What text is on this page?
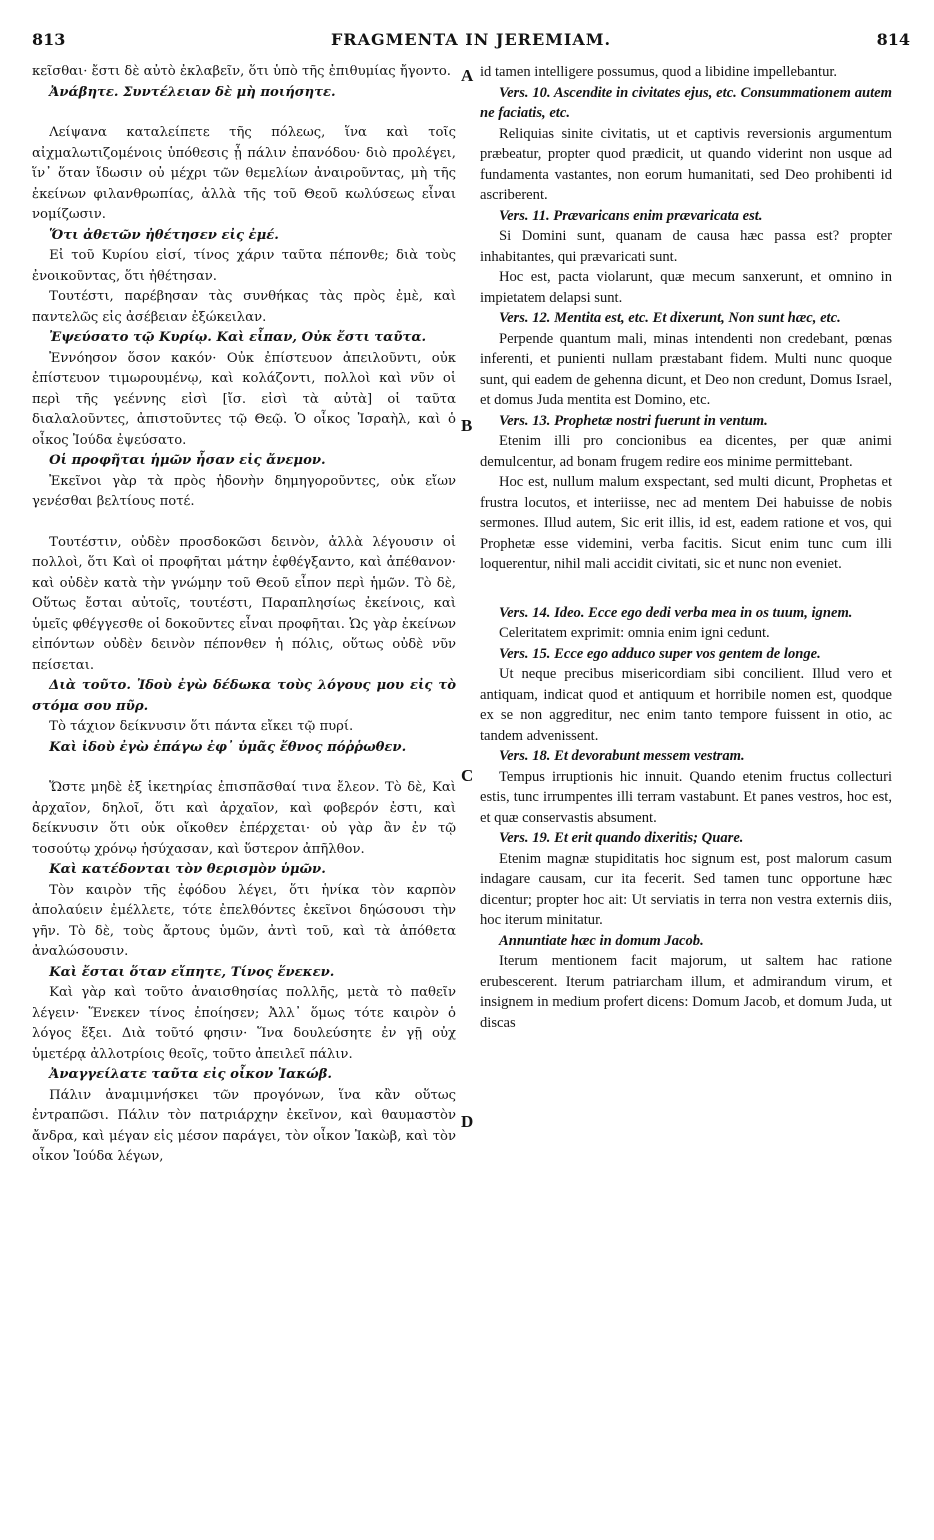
813	FRAGMENTA IN JEREMIAM.	814

κεῖσθαι· ἔστι δὲ αὐτὸ ἐκλαβεῖν, ὅτι ὑπὸ τῆς ἐπιθυμίας ἤγοντο.

Ἀνάβητε. Συντέλειαν δὲ μὴ ποιήσητε.

Λείψανα καταλείπετε τῆς πόλεως, ἵνα καὶ τοῖς αἰχμαλωτιζομένοις ὑπόθεσις ᾖ πάλιν ἐπανόδου· διὸ προλέγει, ἵν᾽ ὅταν ἴδωσιν οὐ μέχρι τῶν θεμελίων ἀναιροῦντας, μὴ τῆς ἐκείνων φιλανθρωπίας, ἀλλὰ τῆς τοῦ Θεοῦ κωλύσεως εἶναι νομίζωσιν.

Ὅτι ἀθετῶν ἠθέτησεν εἰς ἐμέ.

Εἰ τοῦ Κυρίου εἰσί, τίνος χάριν ταῦτα πέπονθε; διὰ τοὺς ἐνοικοῦντας, ὅτι ἠθέτησαν.

Τουτέστι, παρέβησαν τὰς συνθήκας τὰς πρὸς ἐμὲ, καὶ παντελῶς εἰς ἀσέβειαν ἐξώκειλαν.

Ἐψεύσατο τῷ Κυρίῳ. Καὶ εἶπαν, Οὐκ ἔστι ταῦτα.

Ἐννόησον ὅσον κακόν· Οὐκ ἐπίστευον ἀπειλοῦντι, οὐκ ἐπίστευον τιμωρουμένῳ, καὶ κολάζοντι, πολλοὶ καὶ νῦν οἱ περὶ τῆς γεέννης εἰσὶ [ἴσ. εἰσὶ τὰ αὐτὰ] οἱ ταῦτα διαλαλοῦντες, ἀπιστοῦντες τῷ Θεῷ. Ὁ οἶκος Ἰσραὴλ, καὶ ὁ οἶκος Ἰούδα ἐψεύσατο.

Οἱ προφῆται ἡμῶν ἦσαν εἰς ἄνεμον.

Ἐκεῖνοι γὰρ τὰ πρὸς ἡδονὴν δημηγοροῦντες, οὐκ εἴων γενέσθαι βελτίους ποτέ.

Τουτέστιν, οὐδὲν προσδοκῶσι δεινὸν, ἀλλὰ λέγουσιν οἱ πολλοὶ, ὅτι Καὶ οἱ προφῆται μάτην ἐφθέγξαντο, καὶ ἀπέθανον· καὶ οὐδὲν κατὰ τὴν γνώμην τοῦ Θεοῦ εἶπον περὶ ἡμῶν. Τὸ δὲ, Οὕτως ἔσται αὐτοῖς, τουτέστι, Παραπλησίως ἐκείνοις, καὶ ὑμεῖς φθέγγεσθε οἱ δοκοῦντες εἶναι προφῆται. Ὡς γὰρ ἐκείνων εἰπόντων οὐδὲν δεινὸν πέπονθεν ἡ πόλις, οὕτως οὐδὲ νῦν πείσεται.

Διὰ τοῦτο. Ἰδοὺ ἐγὼ δέδωκα τοὺς λόγους μου εἰς τὸ στόμα σου πῦρ.

Τὸ τάχιον δείκνυσιν ὅτι πάντα εἴκει τῷ πυρί.

Καὶ ἰδοὺ ἐγὼ ἐπάγω ἐφ᾽ ὑμᾶς ἔθνος πόῤῥωθεν.

Ὥστε μηδὲ ἐξ ἱκετηρίας ἐπισπᾶσθαί τινα ἔλεον. Τὸ δὲ, Καὶ ἀρχαῖον, δηλοῖ, ὅτι καὶ ἀρχαῖον, καὶ φοβερόν ἐστι, καὶ δείκνυσιν ὅτι οὐκ οἴκοθεν ἐπέρχεται· οὐ γὰρ ἂν ἐν τῷ τοσούτῳ χρόνῳ ἡσύχασαν, καὶ ὕστερον ἀπῆλθον.

Καὶ κατέδονται τὸν θερισμὸν ὑμῶν.

Τὸν καιρὸν τῆς ἐφόδου λέγει, ὅτι ἡνίκα τὸν καρπὸν ἀπολαύειν ἐμέλλετε, τότε ἐπελθόντες ἐκεῖνοι δηώσουσι τὴν γῆν. Τὸ δὲ, τοὺς ἄρτους ὑμῶν, ἀντὶ τοῦ, καὶ τὰ ἀπόθετα ἀναλώσουσιν.

Καὶ ἔσται ὅταν εἴπητε, Τίνος ἕνεκεν.

Καὶ γὰρ καὶ τοῦτο ἀναισθησίας πολλῆς, μετὰ τὸ παθεῖν λέγειν· Ἕνεκεν τίνος ἐποίησεν; Ἀλλ᾽ ὅμως τότε καιρὸν ὁ λόγος ἕξει. Διὰ τοῦτό φησιν· Ἵνα δουλεύσητε ἐν γῇ οὐχ ὑμετέρᾳ ἀλλοτρίοις θεοῖς, τοῦτο ἀπειλεῖ πάλιν.

Ἀναγγείλατε ταῦτα εἰς οἶκον Ἰακώβ.

Πάλιν ἀναμιμνήσκει τῶν προγόνων, ἵνα κἂν οὕτως ἐντραπῶσι. Πάλιν τὸν πατριάρχην ἐκεῖνον, καὶ θαυμαστὸν ἄνδρα, καὶ μέγαν εἰς μέσον παράγει, τὸν οἶκον Ἰακὼβ, καὶ τὸν οἶκον Ἰούδα λέγων,

id tamen intelligere possumus, quod a libidine impellebantur.

Vers. 10. Ascendite in civitates ejus, etc. Consummationem autem ne faciatis, etc.

Reliquias sinite civitatis, ut et captivis reversionis argumentum præbeatur, propter quod prædicit, ut quando viderint non usque ad fundamenta vastantes, non eorum humanitati, sed Deo prohibenti id ascriberent.

Vers. 11. Prævaricans enim prævaricata est.

Si Domini sunt, quanam de causa hæc passa est? propter inhabitantes, qui prævaricati sunt.

Hoc est, pacta violarunt, quæ mecum sanxerunt, et omnino in impietatem delapsi sunt.

Vers. 12. Mentita est, etc. Et dixerunt, Non sunt hæc, etc.

Perpende quantum mali, minas intendenti non credebant, pœnas inferenti, et punienti nullam præstabant fidem. Multi nunc quoque sunt, qui eadem de gehenna dicunt, et Deo non credunt, Domus Israel, et domus Juda mentita est Domino, etc.

Vers. 13. Prophetæ nostri fuerunt in ventum.

Etenim illi pro concionibus ea dicentes, per quæ animi demulcentur, ad bonam frugem redire eos minime permittebant.

Hoc est, nullum malum exspectant, sed multi dicunt, Prophetas et frustra locutos, et interiisse, nec ad mentem Dei habuisse de nobis sermones. Illud autem, Sic erit illis, id est, eadem ratione et vos, qui Prophetæ esse videmini, verba facitis. Sicut enim tunc cum illi loquerentur, nihil mali accidit civitati, sic et nunc non eveniet.

Vers. 14. Ideo. Ecce ego dedi verba mea in os tuum, ignem.

Celeritatem exprimit: omnia enim igni cedunt.

Vers. 15. Ecce ego adduco super vos gentem de longe.

Ut neque precibus misericordiam sibi concilient. Illud vero et antiquam, indicat quod et antiquum et horribile nomen est, quodque ex se non aggreditur, nec enim tanto tempore fuissent in otio, ac tandem advenissent.

Vers. 18. Et devorabunt messem vestram.

Tempus irruptionis hic innuit. Quando etenim fructus collecturi estis, tunc irrumpentes illi terram vastabunt. Et panes vestros, hoc est, et quæ conservastis absument.

Vers. 19. Et erit quando dixeritis; Quare.

Etenim magnæ stupiditatis hoc signum est, post malorum casum indagare causam, cur ita fecerit. Sed tamen tunc opportune hæc dicentur; propter hoc ait: Ut serviatis in terra non vestra externis diis, hoc iterum minitatur.

Annuntiate hæc in domum Jacob.

Iterum mentionem facit majorum, ut saltem hac ratione erubescerent. Iterum patriarcham illum, et admirandum virum, et insignem in medium profert dicens: Domum Jacob, et domum Juda, ut discas

A
B
C
D
